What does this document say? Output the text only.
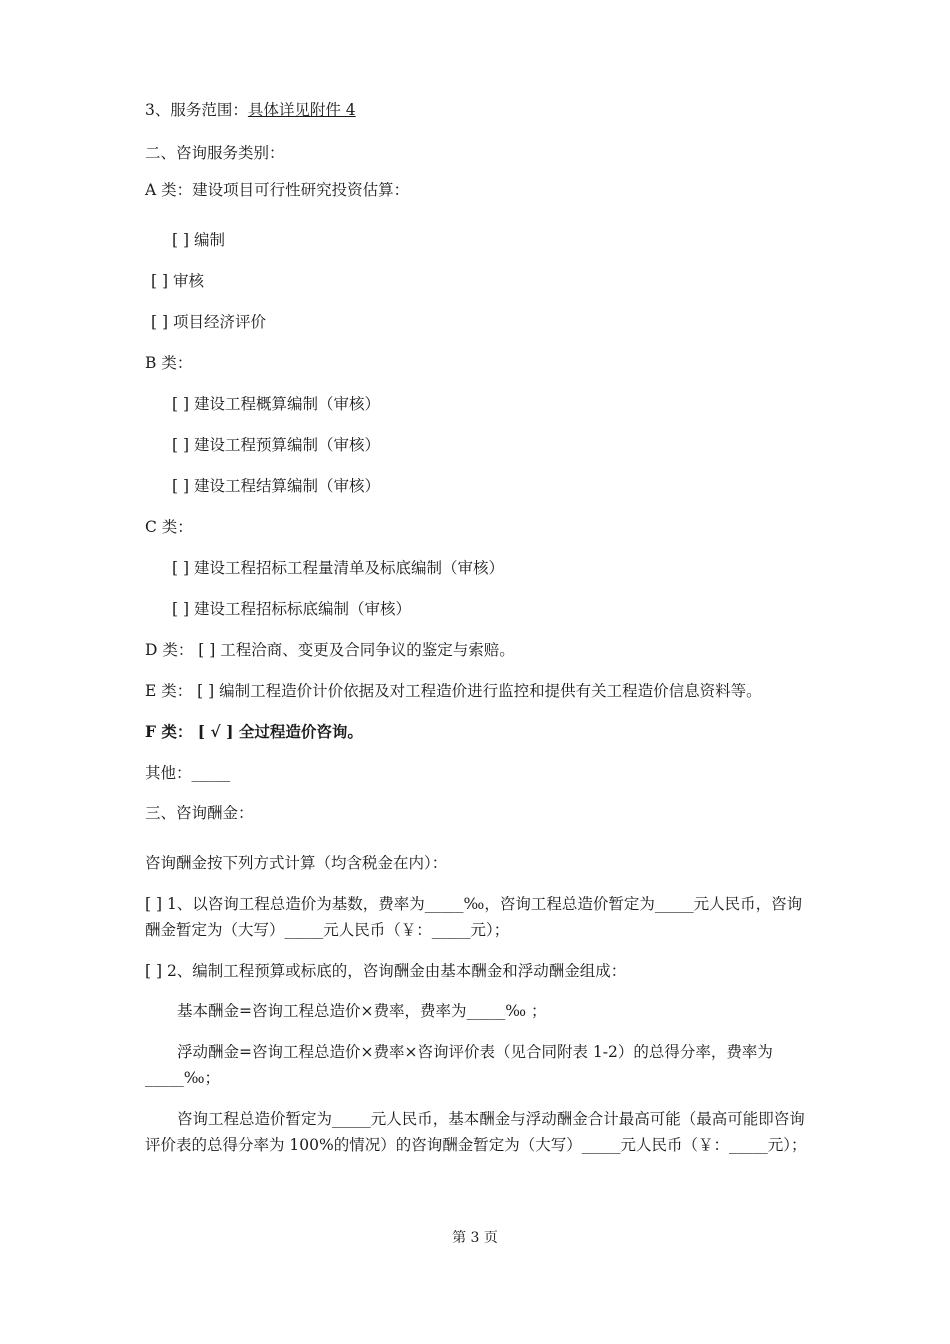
3、服务范围：具体详见附件 4
二、咨询服务类别：
A 类：建设项目可行性研究投资估算：
[ ] 编制
[ ] 审核
[ ] 项目经济评价
B 类：
[ ] 建设工程概算编制（审核）
[ ] 建设工程预算编制（审核）
[ ] 建设工程结算编制（审核）
C 类：
[ ] 建设工程招标工程量清单及标底编制（审核）
[ ] 建设工程招标标底编制（审核）
D 类： [ ] 工程洽商、变更及合同争议的鉴定与索赔。
E 类： [ ] 编制工程造价计价依据及对工程造价进行监控和提供有关工程造价信息资料等。
F 类： [ √ ] 全过程造价咨询。
其他：_____
三、咨询酬金：
咨询酬金按下列方式计算（均含税金在内）：
[ ] 1、以咨询工程总造价为基数，费率为_____‰，咨询工程总造价暂定为_____元人民币，咨询酬金暂定为（大写）_____元人民币（￥：_____元）；
[ ] 2、编制工程预算或标底的，咨询酬金由基本酬金和浮动酬金组成：
基本酬金=咨询工程总造价×费率，费率为_____‰ ；
浮动酬金=咨询工程总造价×费率×咨询评价表（见合同附表 1-2）的总得分率，费率为_____‰；
咨询工程总造价暂定为_____元人民币，基本酬金与浮动酬金合计最高可能（最高可能即咨询评价表的总得分率为 100%的情况）的咨询酬金暂定为（大写）_____元人民币（￥：_____元）；
第 3 页
